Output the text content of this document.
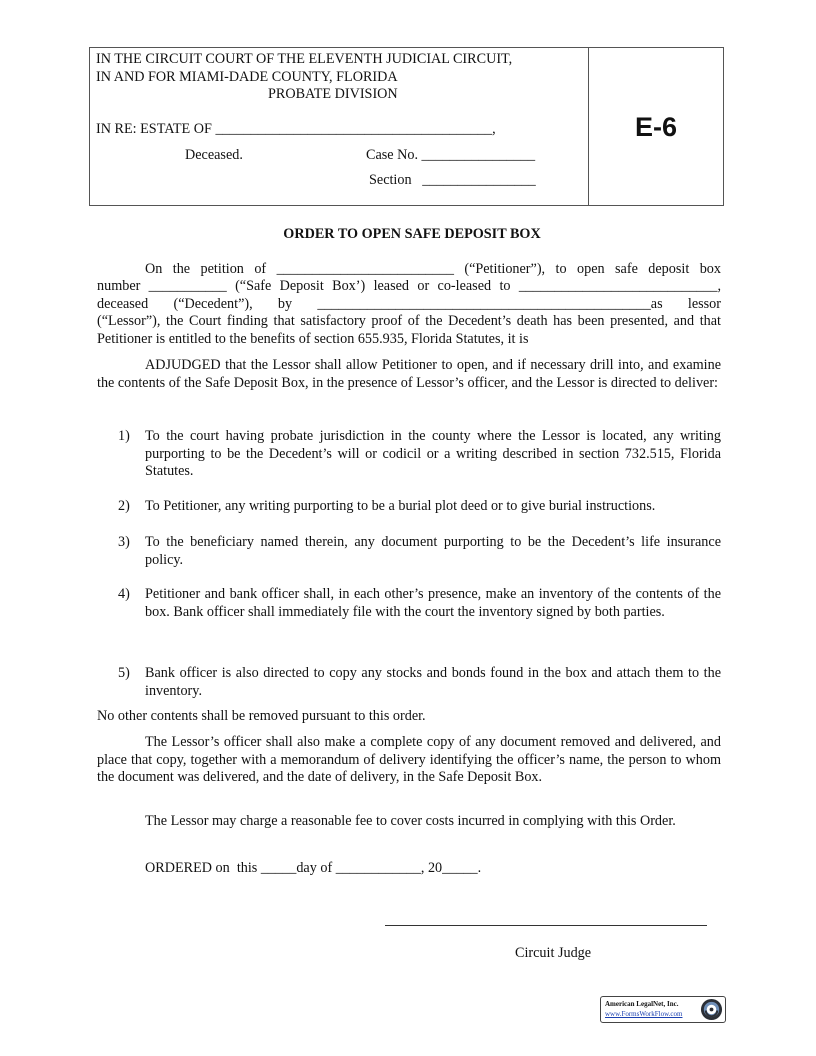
IN THE CIRCUIT COURT OF THE ELEVENTH JUDICIAL CIRCUIT,
IN AND FOR MIAMI-DADE COUNTY, FLORIDA
PROBATE DIVISION
IN RE: ESTATE OF _______________________________________,
Deceased.	Case No. ________________
Section   ________________
E-6
ORDER TO OPEN SAFE DEPOSIT BOX
On the petition of _________________________ (“Petitioner”), to open safe deposit box
number ___________ (“Safe Deposit Box’) leased or co-leased to ____________________________,
deceased (“Decedent”), by _______________________________________________as lessor
(“Lessor”), the Court finding that satisfactory proof of the Decedent’s death has been presented, and that Petitioner is entitled to the benefits of section 655.935, Florida Statutes, it is
ADJUDGED that the Lessor shall allow Petitioner to open, and if necessary drill into, and examine the contents of the Safe Deposit Box, in the presence of Lessor’s officer, and the Lessor is directed to deliver:
1) To the court having probate jurisdiction in the county where the Lessor is located, any writing purporting to be the Decedent’s will or codicil or a writing described in section 732.515, Florida Statutes.
2) To Petitioner, any writing purporting to be a burial plot deed or to give burial instructions.
3) To the beneficiary named therein, any document purporting to be the Decedent’s life insurance policy.
4) Petitioner and bank officer shall, in each other’s presence, make an inventory of the contents of the box. Bank officer shall immediately file with the court the inventory signed by both parties.
5) Bank officer is also directed to copy any stocks and bonds found in the box and attach them to the inventory.
No other contents shall be removed pursuant to this order.
The Lessor’s officer shall also make a complete copy of any document removed and delivered, and place that copy, together with a memorandum of delivery identifying the officer’s name, the person to whom the document was delivered, and the date of delivery, in the Safe Deposit Box.
The Lessor may charge a reasonable fee to cover costs incurred in complying with this Order.
ORDERED on  this _____day of ____________, 20_____.
Circuit Judge
American LegalNet, Inc.
www.FormsWorkFlow.com
